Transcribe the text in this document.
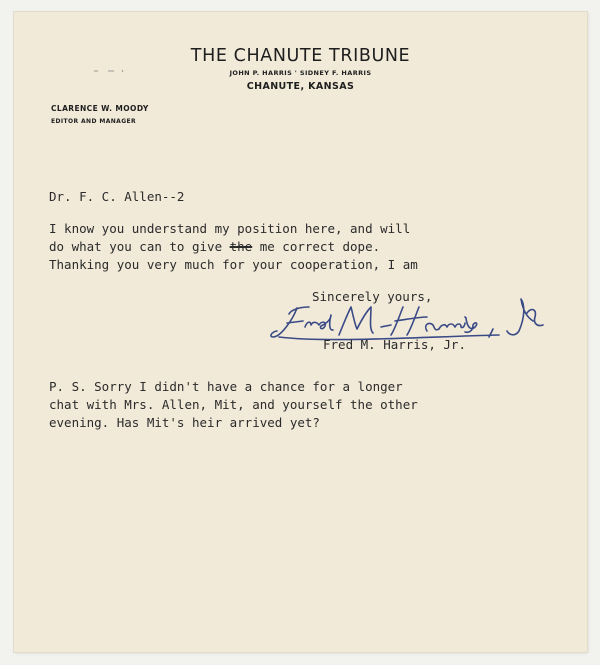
THE CHANUTE TRIBUNE
JOHN P. HARRIS ' SIDNEY F. HARRIS
CHANUTE, KANSAS
CLARENCE W. MOODY
EDITOR AND MANAGER
Dr. F. C. Allen--2
I know you understand my position here, and will
do what you can to give the me correct dope.
Thanking you very much for your cooperation, I am
Sincerely yours,
Fred M. Harris, Jr.
P. S. Sorry I didn't have a chance for a longer
chat with Mrs. Allen, Mit, and yourself the other
evening. Has Mit's heir arrived yet?
